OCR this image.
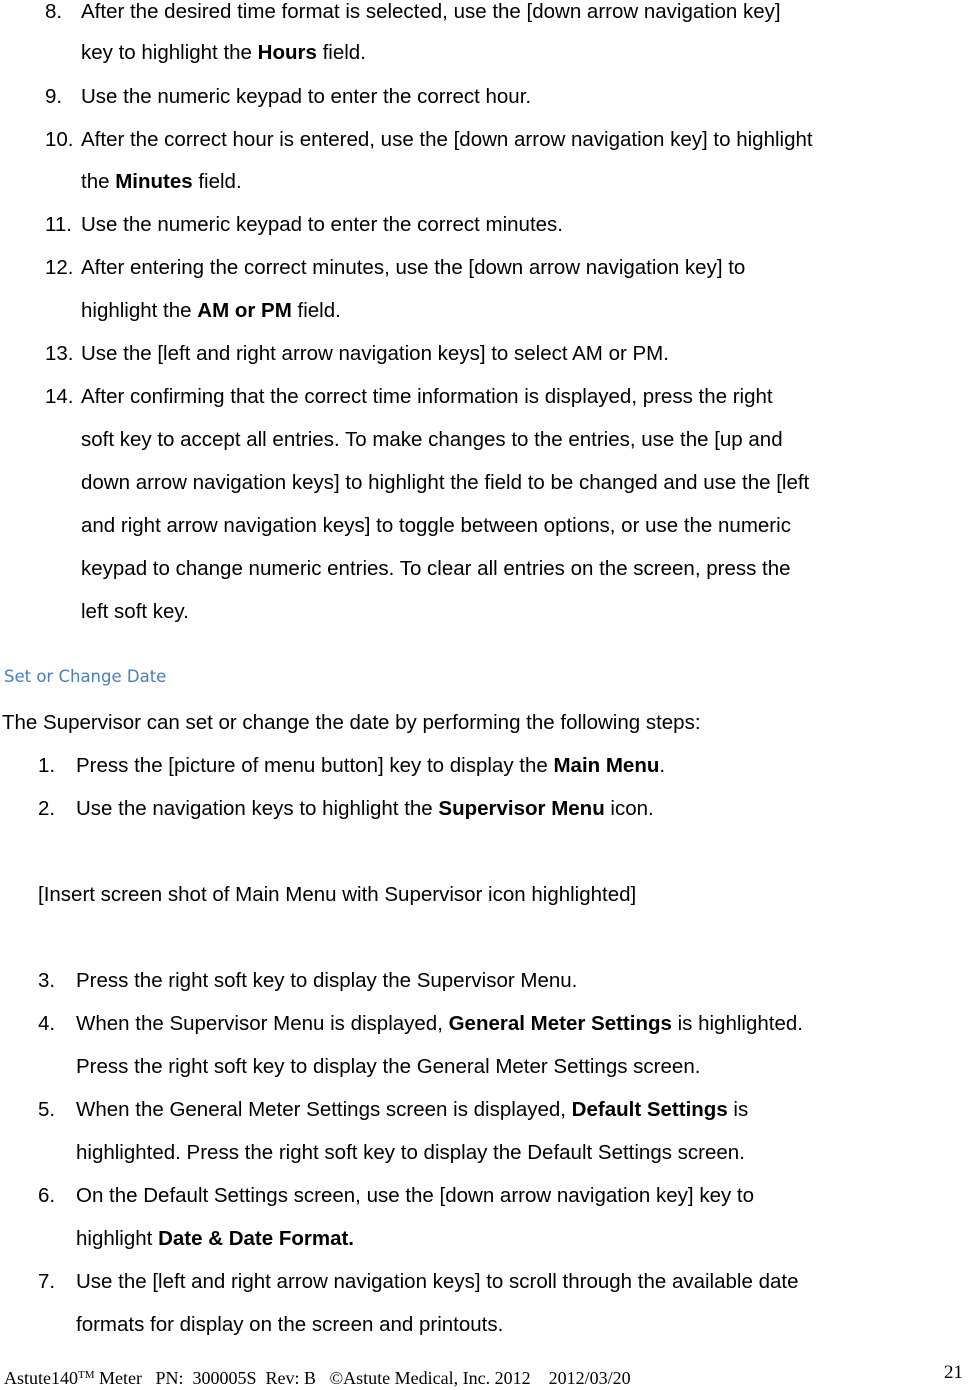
8. After the desired time format is selected, use the [down arrow navigation key]
key to highlight the Hours field.
9. Use the numeric keypad to enter the correct hour.
10. After the correct hour is entered, use the [down arrow navigation key] to highlight
the Minutes field.
11. Use the numeric keypad to enter the correct minutes.
12. After entering the correct minutes, use the [down arrow navigation key] to
highlight the AM or PM field.
13. Use the [left and right arrow navigation keys] to select AM or PM.
14. After confirming that the correct time information is displayed, press the right
soft key to accept all entries. To make changes to the entries, use the [up and
down arrow navigation keys] to highlight the field to be changed and use the [left
and right arrow navigation keys] to toggle between options, or use the numeric
keypad to change numeric entries. To clear all entries on the screen, press the
left soft key.
Set or Change Date
The Supervisor can set or change the date by performing the following steps:
1. Press the [picture of menu button] key to display the Main Menu.
2. Use the navigation keys to highlight the Supervisor Menu icon.
[Insert screen shot of Main Menu with Supervisor icon highlighted]
3. Press the right soft key to display the Supervisor Menu.
4. When the Supervisor Menu is displayed, General Meter Settings is highlighted.
Press the right soft key to display the General Meter Settings screen.
5. When the General Meter Settings screen is displayed, Default Settings is
highlighted. Press the right soft key to display the Default Settings screen.
6. On the Default Settings screen, use the [down arrow navigation key] key to
highlight Date & Date Format.
7. Use the [left and right arrow navigation keys] to scroll through the available date
formats for display on the screen and printouts.
Astute140™ Meter   PN:  300005S  Rev: B   ©Astute Medical, Inc. 2012    2012/03/20	21
